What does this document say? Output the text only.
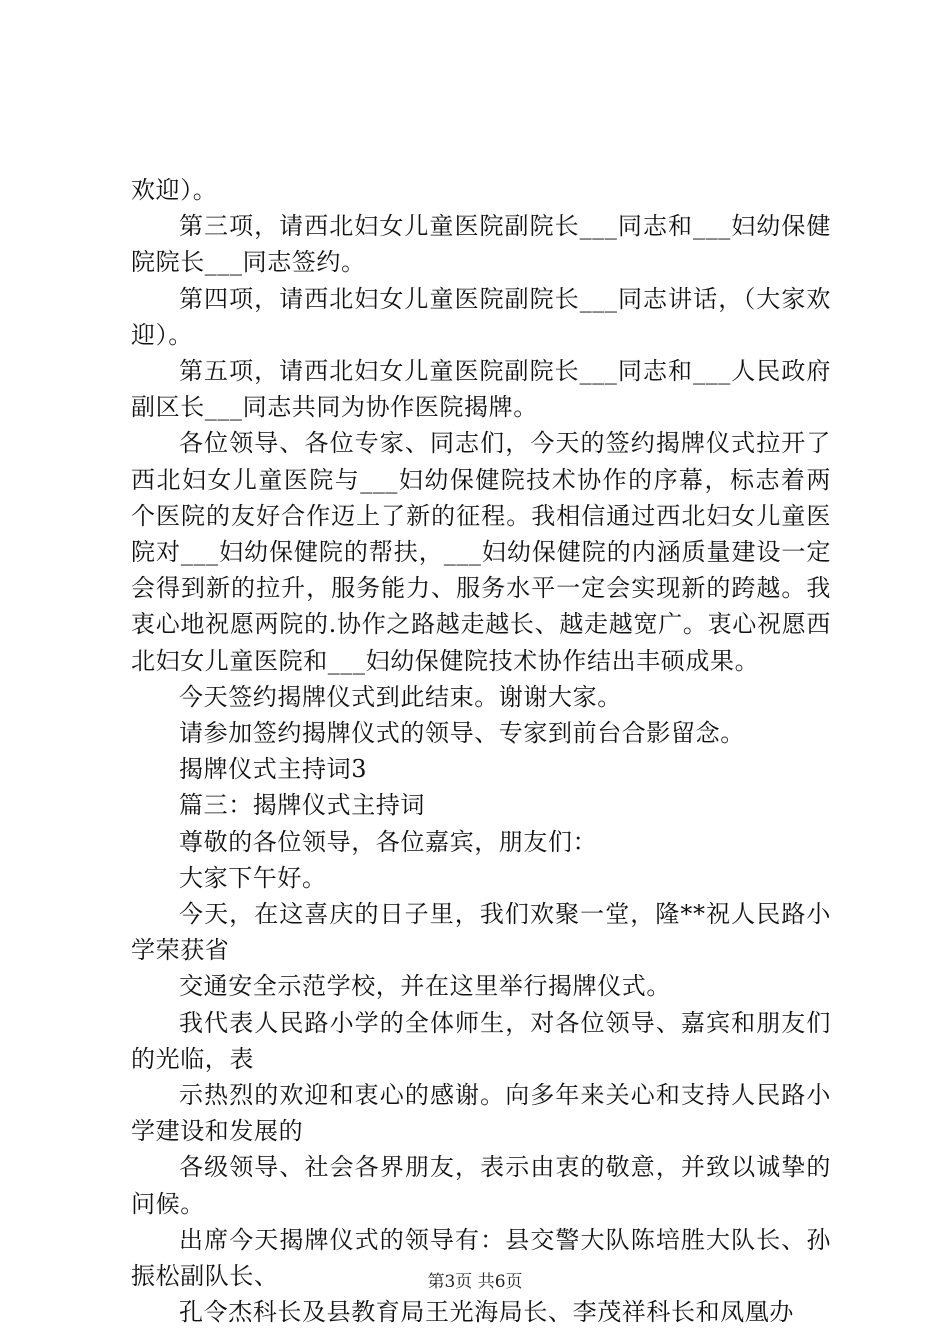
欢迎）。

第三项，请西北妇女儿童医院副院长___同志和___妇幼保健院院长___同志签约。

第四项，请西北妇女儿童医院副院长___同志讲话，（大家欢迎）。

第五项，请西北妇女儿童医院副院长___同志和___人民政府副区长___同志共同为协作医院揭牌。

各位领导、各位专家、同志们，今天的签约揭牌仪式拉开了西北妇女儿童医院与___妇幼保健院技术协作的序幕，标志着两个医院的友好合作迈上了新的征程。我相信通过西北妇女儿童医院对___妇幼保健院的帮扶，___妇幼保健院的内涵质量建设一定会得到新的拉升，服务能力、服务水平一定会实现新的跨越。我衷心地祝愿两院的.协作之路越走越长、越走越宽广。衷心祝愿西北妇女儿童医院和___妇幼保健院技术协作结出丰硕成果。

今天签约揭牌仪式到此结束。谢谢大家。

请参加签约揭牌仪式的领导、专家到前台合影留念。

揭牌仪式主持词3

篇三：揭牌仪式主持词

尊敬的各位领导，各位嘉宾，朋友们：

大家下午好。

今天，在这喜庆的日子里，我们欢聚一堂，隆**祝人民路小学荣获省

交通安全示范学校，并在这里举行揭牌仪式。

我代表人民路小学的全体师生，对各位领导、嘉宾和朋友们的光临，表

示热烈的欢迎和衷心的感谢。向多年来关心和支持人民路小学建设和发展的

各级领导、社会各界朋友，表示由衷的敬意，并致以诚挚的问候。

出席今天揭牌仪式的领导有：县交警大队陈培胜大队长、孙振松副队长、

孔令杰科长及县教育局王光海局长、李茂祥科长和凤凰办

第3页 共6页
